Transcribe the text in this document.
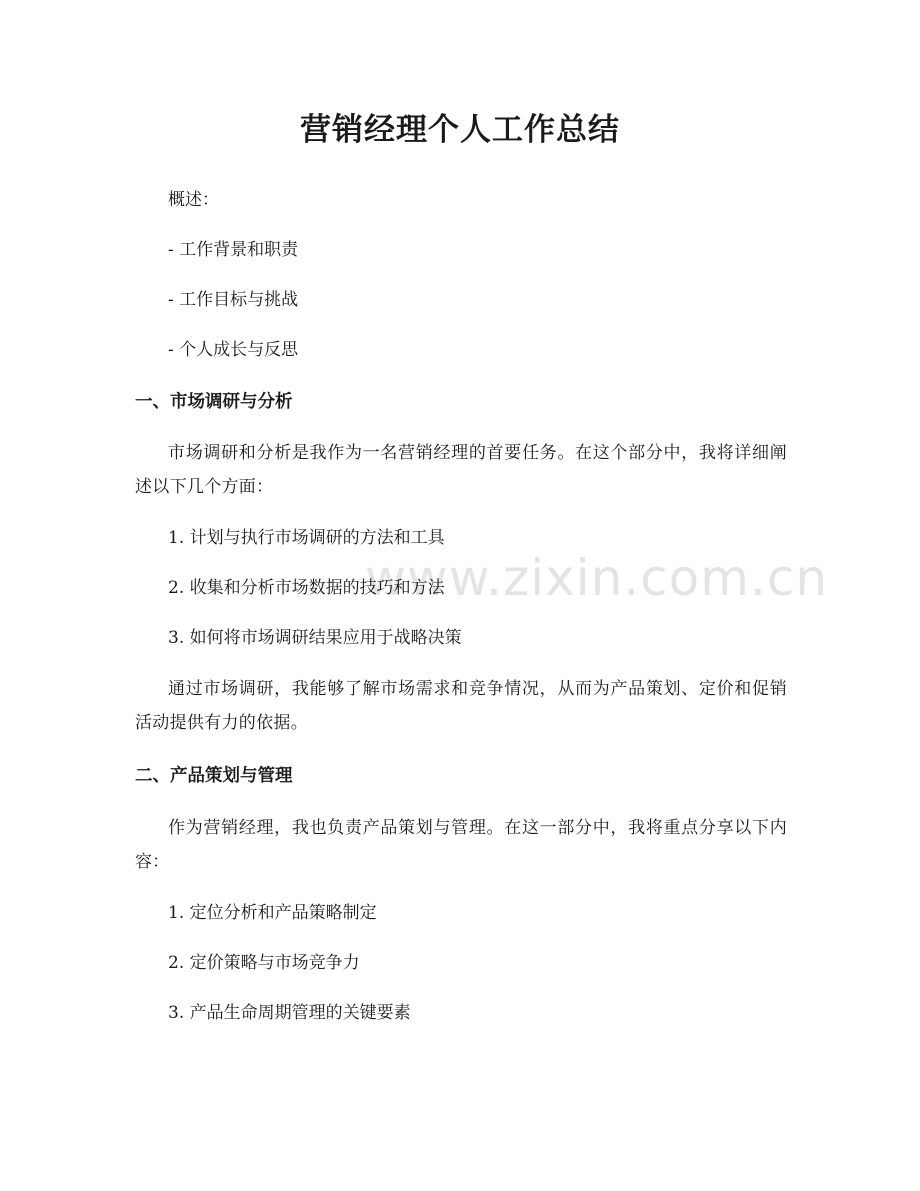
www.zixin.com.cn
营销经理个人工作总结

概述：

- 工作背景和职责

- 工作目标与挑战

- 个人成长与反思

一、市场调研与分析

市场调研和分析是我作为一名营销经理的首要任务。在这个部分中，我将详细阐述以下几个方面：

1. 计划与执行市场调研的方法和工具

2. 收集和分析市场数据的技巧和方法

3. 如何将市场调研结果应用于战略决策

通过市场调研，我能够了解市场需求和竞争情况，从而为产品策划、定价和促销活动提供有力的依据。

二、产品策划与管理

作为营销经理，我也负责产品策划与管理。在这一部分中，我将重点分享以下内容：

1. 定位分析和产品策略制定

2. 定价策略与市场竞争力

3. 产品生命周期管理的关键要素
